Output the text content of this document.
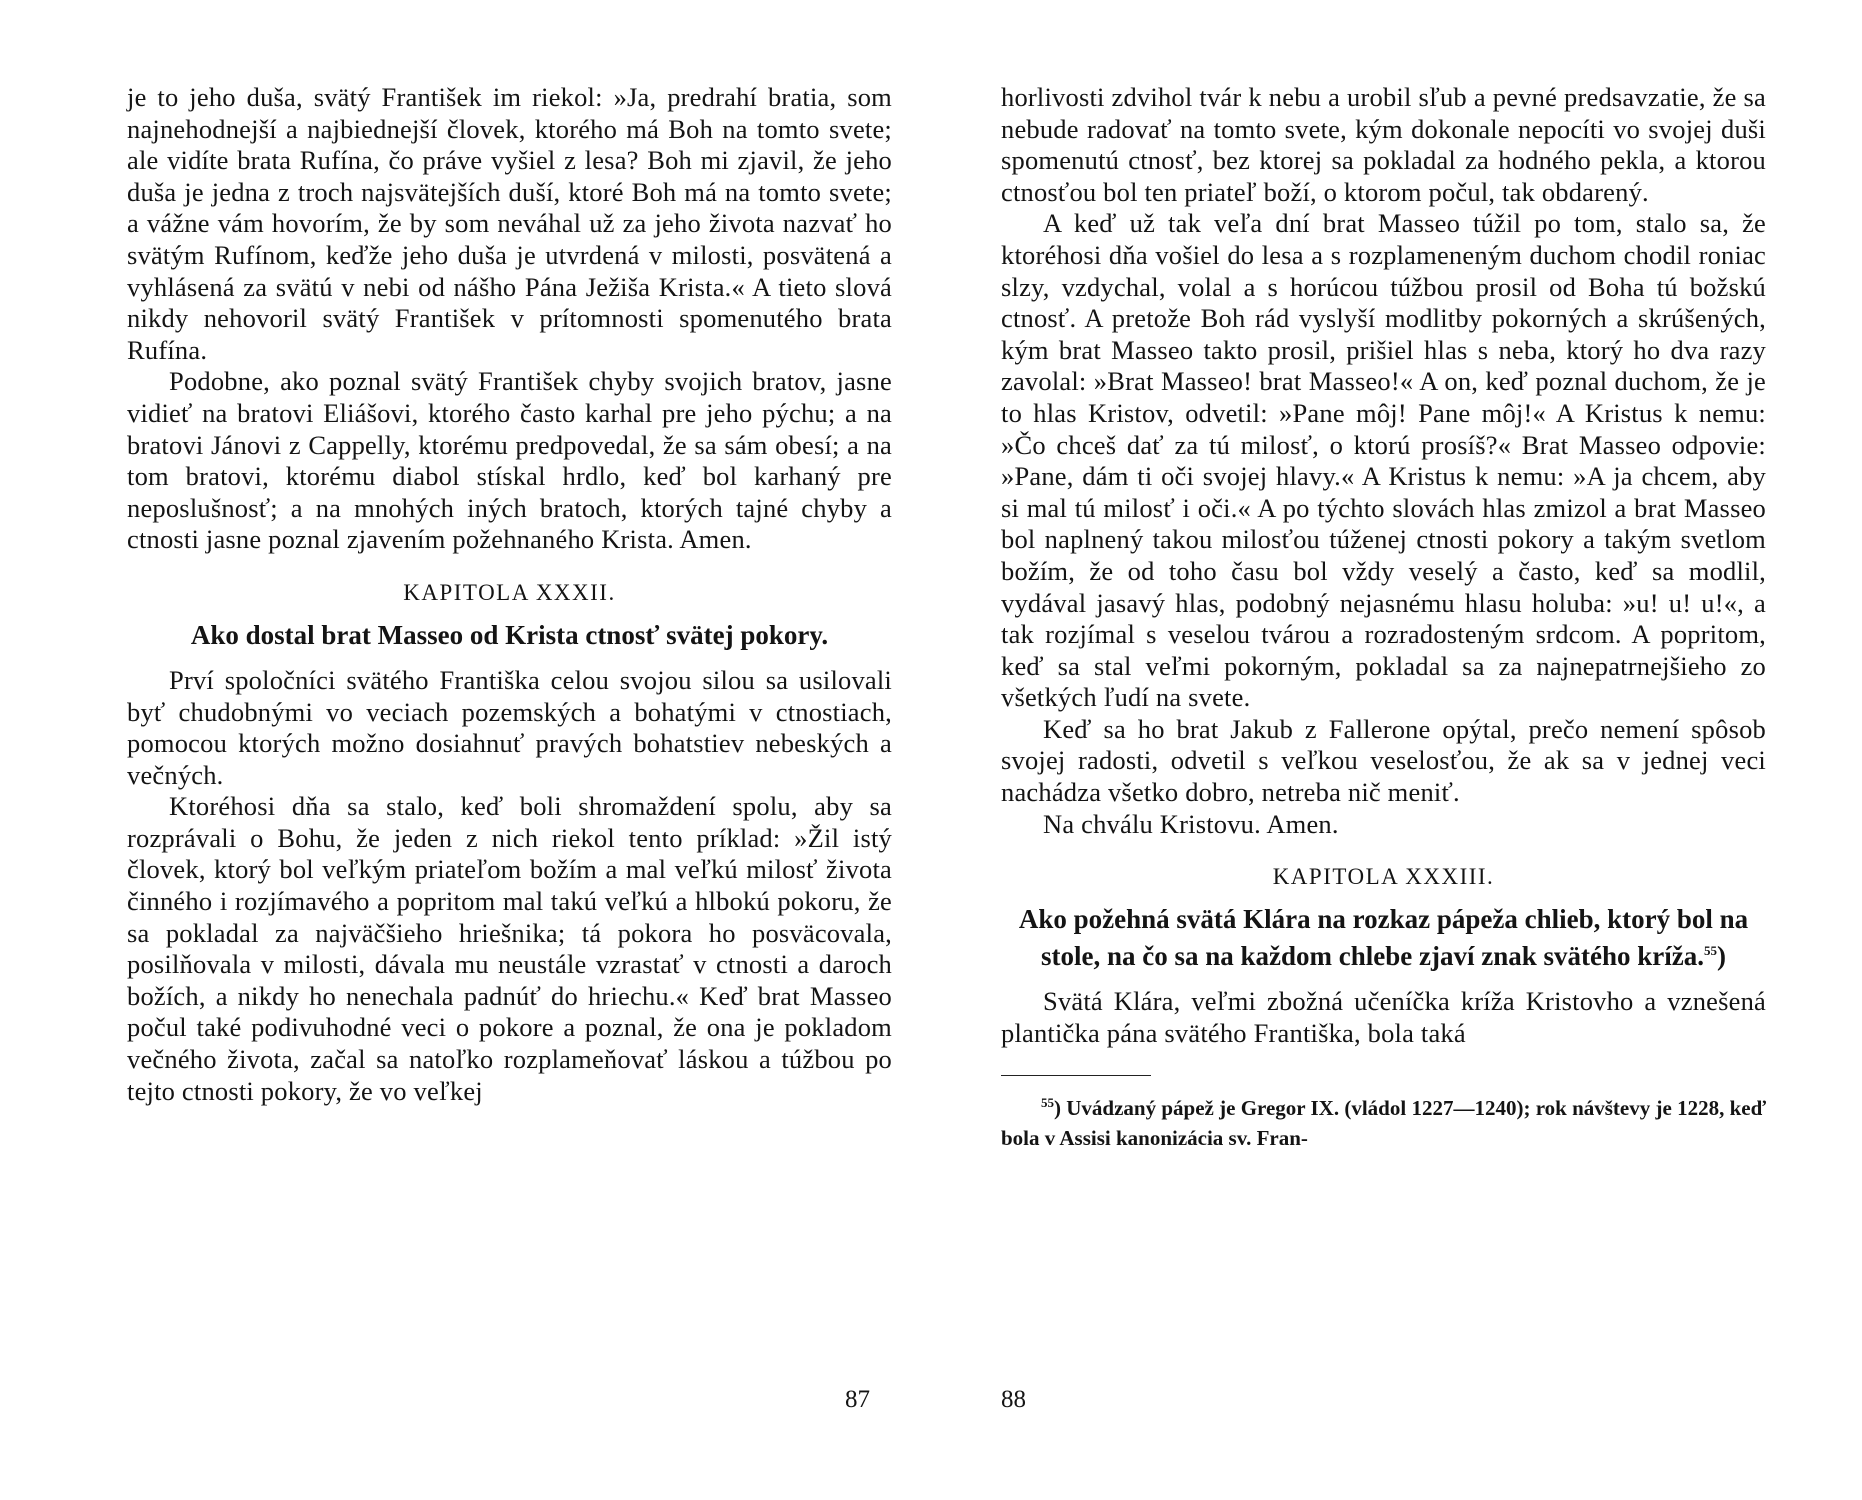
je to jeho duša, svätý František im riekol: »Ja, predrahí bratia, som najnehodnejší a najbiednejší človek, ktorého má Boh na tomto svete; ale vidíte brata Rufína, čo práve vyšiel z lesa? Boh mi zjavil, že jeho duša je jedna z troch najsvätejších duší, ktoré Boh má na tomto svete; a vážne vám hovorím, že by som neváhal už za jeho života nazvať ho svätým Rufínom, keďže jeho duša je utvrdená v milosti, posvätená a vyhlásená za svätú v nebi od nášho Pána Ježiša Krista.« A tieto slová nikdy nehovoril svätý František v prítomnosti spomenutého brata Rufína.

Podobne, ako poznal svätý František chyby svojich bratov, jasne vidieť na bratovi Eliášovi, ktorého často karhal pre jeho pýchu; a na bratovi Jánovi z Cappelly, ktorému predpovedal, že sa sám obesí; a na tom bratovi, ktorému diabol stískal hrdlo, keď bol karhaný pre neposlušnosť; a na mnohých iných bratoch, ktorých tajné chyby a ctnosti jasne poznal zjavením požehnaného Krista. Amen.

KAPITOLA XXXII.
Ako dostal brat Masseo od Krista ctnosť svätej pokory.

Prví spoločníci svätého Františka celou svojou silou sa usilovali byť chudobnými vo veciach pozemských a bohatými v ctnostiach, pomocou ktorých možno dosiahnuť pravých bohatstiev nebeských a večných.

Ktoréhosi dňa sa stalo, keď boli shromaždení spolu, aby sa rozprávali o Bohu, že jeden z nich riekol tento príklad: »Žil istý človek, ktorý bol veľkým priateľom božím a mal veľkú milosť života činného i rozjímavého a popritom mal takú veľkú a hlbokú pokoru, že sa pokladal za najväčšieho hriešnika; tá pokora ho posväcovala, posilňovala v milosti, dávala mu neustále vzrastať v ctnosti a daroch božích, a nikdy ho nenechala padnúť do hriechu.« Keď brat Masseo počul také podivuhodné veci o pokore a poznal, že ona je pokladom večného života, začal sa natoľko rozplameňovať láskou a túžbou po tejto ctnosti pokory, že vo veľkej

87

horlivosti zdvihol tvár k nebu a urobil sľub a pevné predsavzatie, že sa nebude radovať na tomto svete, kým dokonale nepocíti vo svojej duši spomenutú ctnosť, bez ktorej sa pokladal za hodného pekla, a ktorou ctnosťou bol ten priateľ boží, o ktorom počul, tak obdarený.

A keď už tak veľa dní brat Masseo túžil po tom, stalo sa, že ktoréhosi dňa vošiel do lesa a s rozplameneným duchom chodil roniac slzy, vzdychal, volal a s horúcou túžbou prosil od Boha tú božskú ctnosť. A pretože Boh rád vyslyší modlitby pokorných a skrúšených, kým brat Masseo takto prosil, prišiel hlas s neba, ktorý ho dva razy zavolal: »Brat Masseo! brat Masseo!« A on, keď poznal duchom, že je to hlas Kristov, odvetil: »Pane môj! Pane môj!« A Kristus k nemu: »Čo chceš dať za tú milosť, o ktorú prosíš?« Brat Masseo odpovie: »Pane, dám ti oči svojej hlavy.« A Kristus k nemu: »A ja chcem, aby si mal tú milosť i oči.« A po týchto slovách hlas zmizol a brat Masseo bol naplnený takou milosťou túženej ctnosti pokory a takým svetlom božím, že od toho času bol vždy veselý a často, keď sa modlil, vydával jasavý hlas, podobný nejasnému hlasu holuba: »u! u! u!«, a tak rozjímal s veselou tvárou a rozradosteným srdcom. A popritom, keď sa stal veľmi pokorným, pokladal sa za najnepatrnejšieho zo všetkých ľudí na svete.

Keď sa ho brat Jakub z Fallerone opýtal, prečo nemení spôsob svojej radosti, odvetil s veľkou veselosťou, že ak sa v jednej veci nachádza všetko dobro, netreba nič meniť.

Na chválu Kristovu. Amen.

KAPITOLA XXXIII.
Ako požehná svätá Klára na rozkaz pápeža chlieb, ktorý bol na stole, na čo sa na každom chlebe zjaví znak svätého kríža.$^{55}$)

Svätá Klára, veľmi zbožná učeníčka kríža Kristovho a vznešená plantička pána svätého Františka, bola taká

$^{55}$) Uvádzaný pápež je Gregor IX. (vládol 1227—1240); rok návštevy je 1228, keď bola v Assisi kanonizácia sv. Fran-

88
